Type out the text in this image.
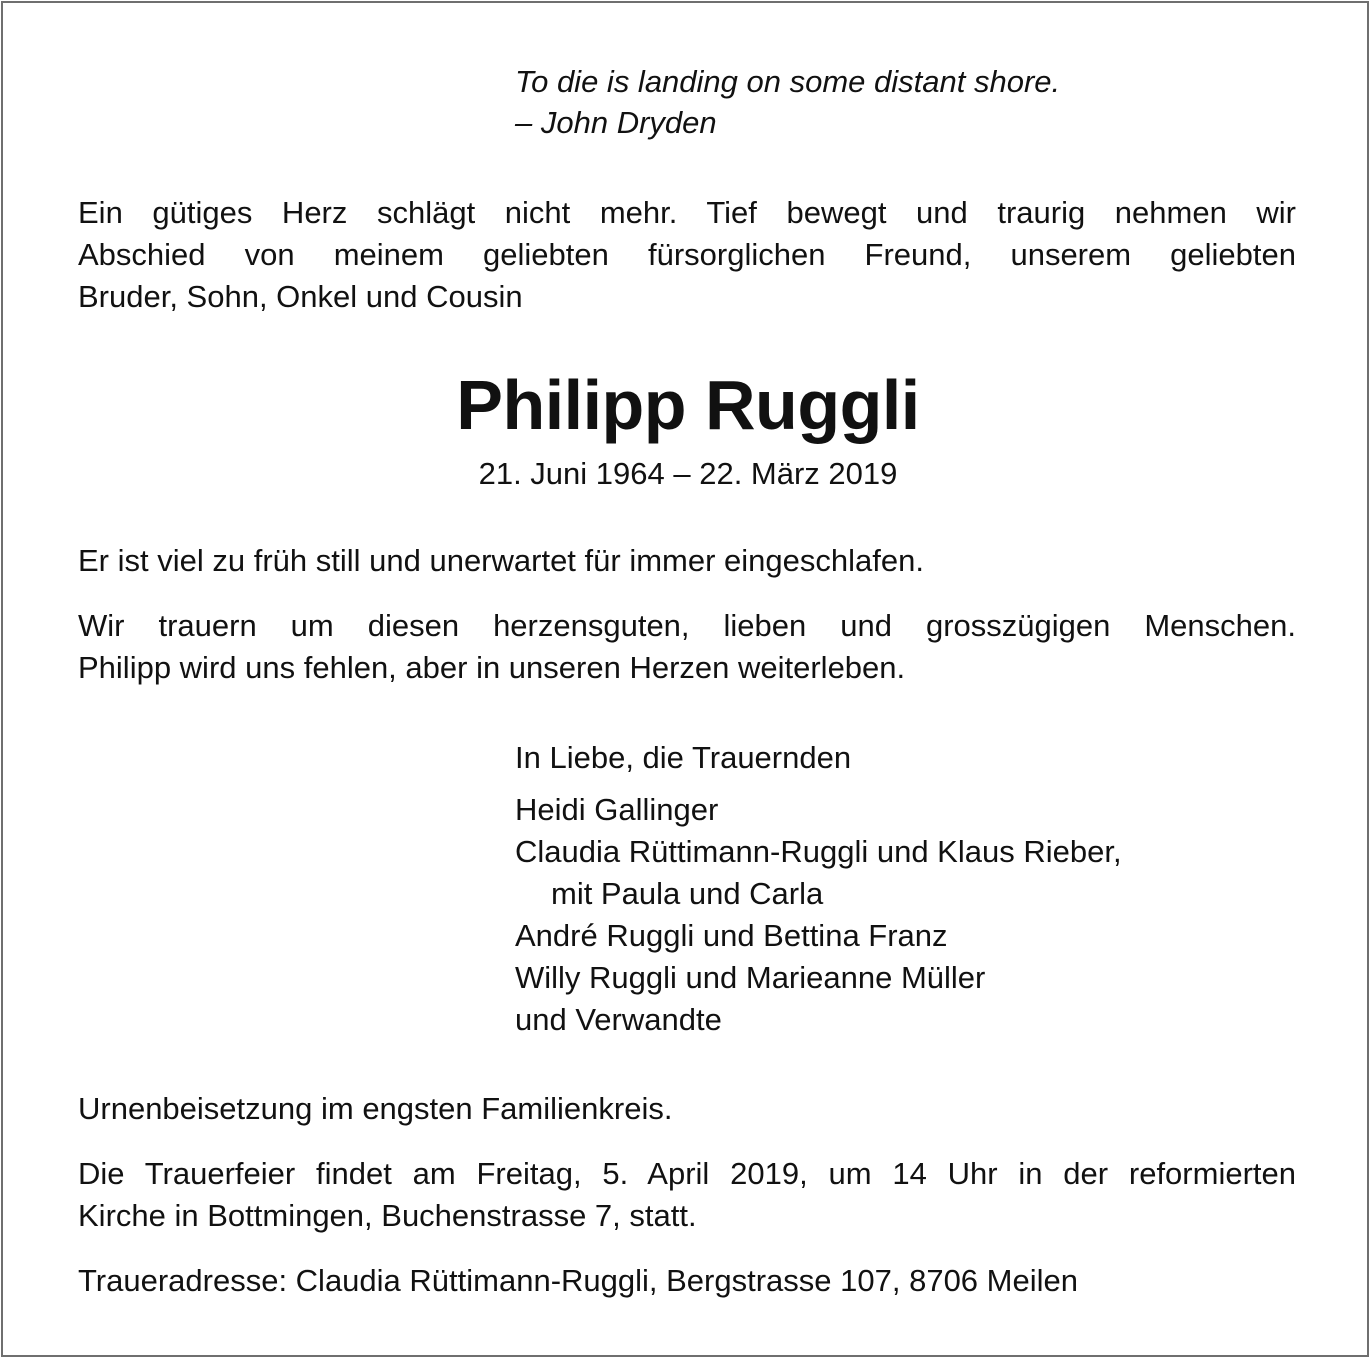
To die is landing on some distant shore.
– John Dryden
Ein gütiges Herz schlägt nicht mehr. Tief bewegt und traurig nehmen wir
Abschied von meinem geliebten fürsorglichen Freund, unserem geliebten
Bruder, Sohn, Onkel und Cousin
Philipp Ruggli
21. Juni 1964 – 22. März 2019
Er ist viel zu früh still und unerwartet für immer eingeschlafen.
Wir trauern um diesen herzensguten, lieben und grosszügigen Menschen.
Philipp wird uns fehlen, aber in unseren Herzen weiterleben.
In Liebe, die Trauernden
Heidi Gallinger
Claudia Rüttimann-Ruggli und Klaus Rieber,
mit Paula und Carla
André Ruggli und Bettina Franz
Willy Ruggli und Marieanne Müller
und Verwandte
Urnenbeisetzung im engsten Familienkreis.
Die Trauerfeier findet am Freitag, 5. April 2019, um 14 Uhr in der reformierten
Kirche in Bottmingen, Buchenstrasse 7, statt.
Traueradresse: Claudia Rüttimann-Ruggli, Bergstrasse 107, 8706 Meilen
